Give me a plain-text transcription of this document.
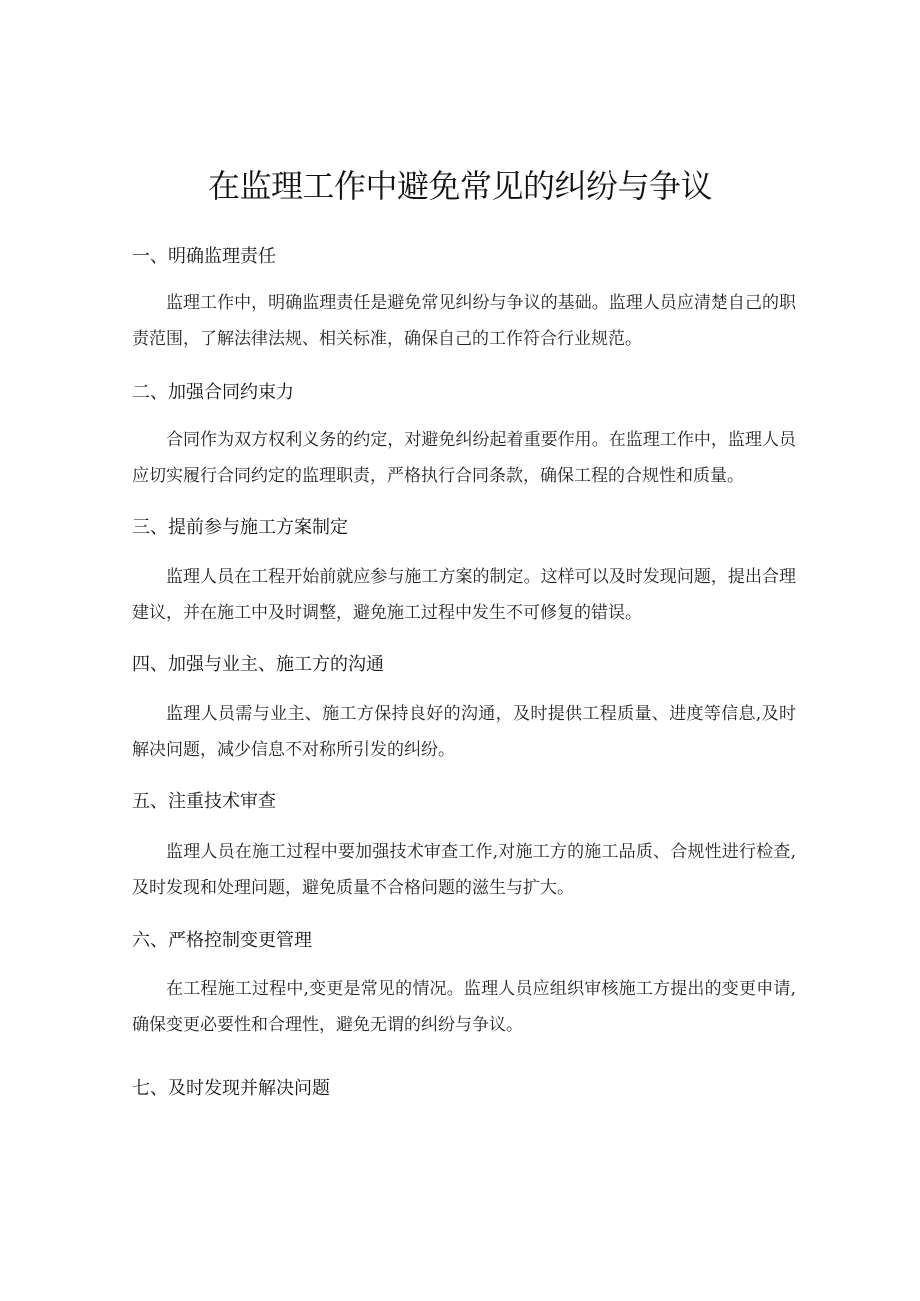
在监理工作中避免常见的纠纷与争议
一、明确监理责任
监理工作中，明确监理责任是避免常见纠纷与争议的基础。监理人员应清楚自己的职责范围，了解法律法规、相关标准，确保自己的工作符合行业规范。
二、加强合同约束力
合同作为双方权利义务的约定，对避免纠纷起着重要作用。在监理工作中，监理人员应切实履行合同约定的监理职责，严格执行合同条款，确保工程的合规性和质量。
三、提前参与施工方案制定
监理人员在工程开始前就应参与施工方案的制定。这样可以及时发现问题，提出合理建议，并在施工中及时调整，避免施工过程中发生不可修复的错误。
四、加强与业主、施工方的沟通
监理人员需与业主、施工方保持良好的沟通，及时提供工程质量、进度等信息,及时解决问题，减少信息不对称所引发的纠纷。
五、注重技术审查
监理人员在施工过程中要加强技术审查工作,对施工方的施工品质、合规性进行检查,及时发现和处理问题，避免质量不合格问题的滋生与扩大。
六、严格控制变更管理
在工程施工过程中,变更是常见的情况。监理人员应组织审核施工方提出的变更申请,确保变更必要性和合理性，避免无谓的纠纷与争议。
七、及时发现并解决问题
